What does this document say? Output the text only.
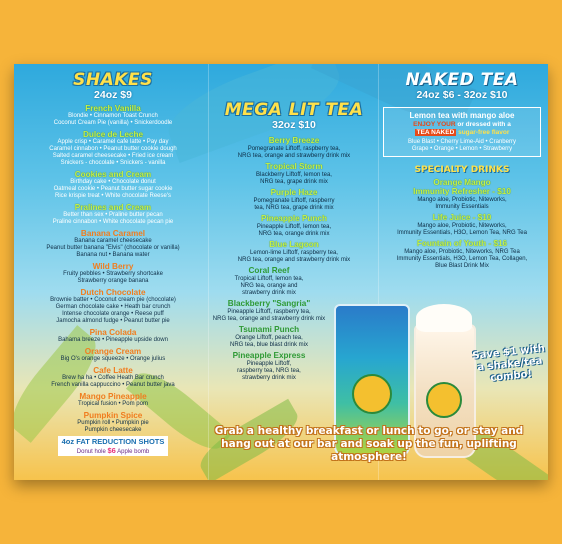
SHAKES
24oz $9
French Vanilla
Blondie • Cinnamon Toast Crunch
Coconut Cream Pie (vanilla) • Snickerdoodle
Dulce de Leche
Apple crisp • Caramel cafe latte • Pay day
Caramel cinnabon • Peanut butter cookie dough
Salted caramel cheesecake • Fried ice cream
Snickers - chocolate • Snickers - vanilla
Cookies and Cream
Birthday cake • Chocolate donut
Oatmeal cookie • Peanut butter sugar cookie
Rice krispie treat • White chocolate Reese's
Pralines and Cream
Better than sex • Praline butter pecan
Praline cinnabon • White chocolate pecan pie
Banana Caramel
Banana caramel cheesecake
Peanut butter banana "Elvis" (chocolate or vanilla)
Banana nut • Banana water
Wild Berry
Fruity pebbles • Strawberry shortcake
Strawberry orange banana
Dutch Chocolate
Brownie batter • Coconut cream pie (chocolate)
German chocolate cake • Heath bar crunch
Intense chocolate orange • Reese puff
Jamocha almond fudge • Peanut butter pie
Pina Colada
Bahama breeze • Pineapple upside down
Orange Cream
Big O's orange squeeze • Orange julius
Cafe Latte
Brew ha ha • Coffee Heath Bar crunch
French vanilla cappuccino • Peanut butter java
Mango Pineapple
Tropical fusion • Pom pom
Pumpkin Spice
Pumpkin roll • Pumpkin pie
Pumpkin cheesecake
4oz FAT REDUCTION SHOTS
Donut hole $6 Apple bomb
MEGA LIT TEA
32oz $10
Berry Breeze
Pomegranate Liftoff, raspberry tea,
NRG tea, orange and strawberry drink mix
Tropical Storm
Blackberry Liftoff, lemon tea,
NRG tea, grape drink mix
Purple Haze
Pomegranate Liftoff, raspberry
tea, NRG tea, grape drink mix
Pineapple Punch
Pineapple Liftoff, lemon tea,
NRG tea, orange drink mix
Blue Lagoon
Lemon-lime Liftoff, raspberry tea,
NRG tea, orange and strawberry drink mix
Coral Reef
Tropical Liftoff, lemon tea,
NRG tea, orange and
strawberry drink mix
Blackberry "Sangria"
Pineapple Liftoff, raspberry tea,
NRG tea, orange and strawberry drink mix
Tsunami Punch
Orange Liftoff, peach tea,
NRG tea, blue blast drink mix
Pineapple Express
Pineapple Liftoff,
raspberry tea, NRG tea,
strawberry drink mix
NAKED TEA
24oz $6 - 32oz $10
Lemon tea with mango aloe
ENJOY YOUR or dressed with a
TEA NAKED sugar-free flavor
Blue Blast • Cherry Lime-Aid • Cranberry
Grape • Orange • Lemon • Strawberry
SPECIALTY DRINKS
Orange Mango
Immunity Refresher - $10
Mango aloe, Probiotic, Niteworks,
Immunity Essentials
Life Juice - $10
Mango aloe, Probiotic, Niteworks,
Immunity Essentials, H3O, Lemon Tea, NRG Tea
Fountain of Youth - $16
Mango aloe, Probiotic, Niteworks, NRG Tea
Immunity Essentials, H3O, Lemon Tea, Collagen,
Blue Blast Drink Mix
Save $1 with a shake/tea combo!
Grab a healthy breakfast or lunch to go, or stay and hang out at our bar and soak up the fun, uplifting atmosphere!
